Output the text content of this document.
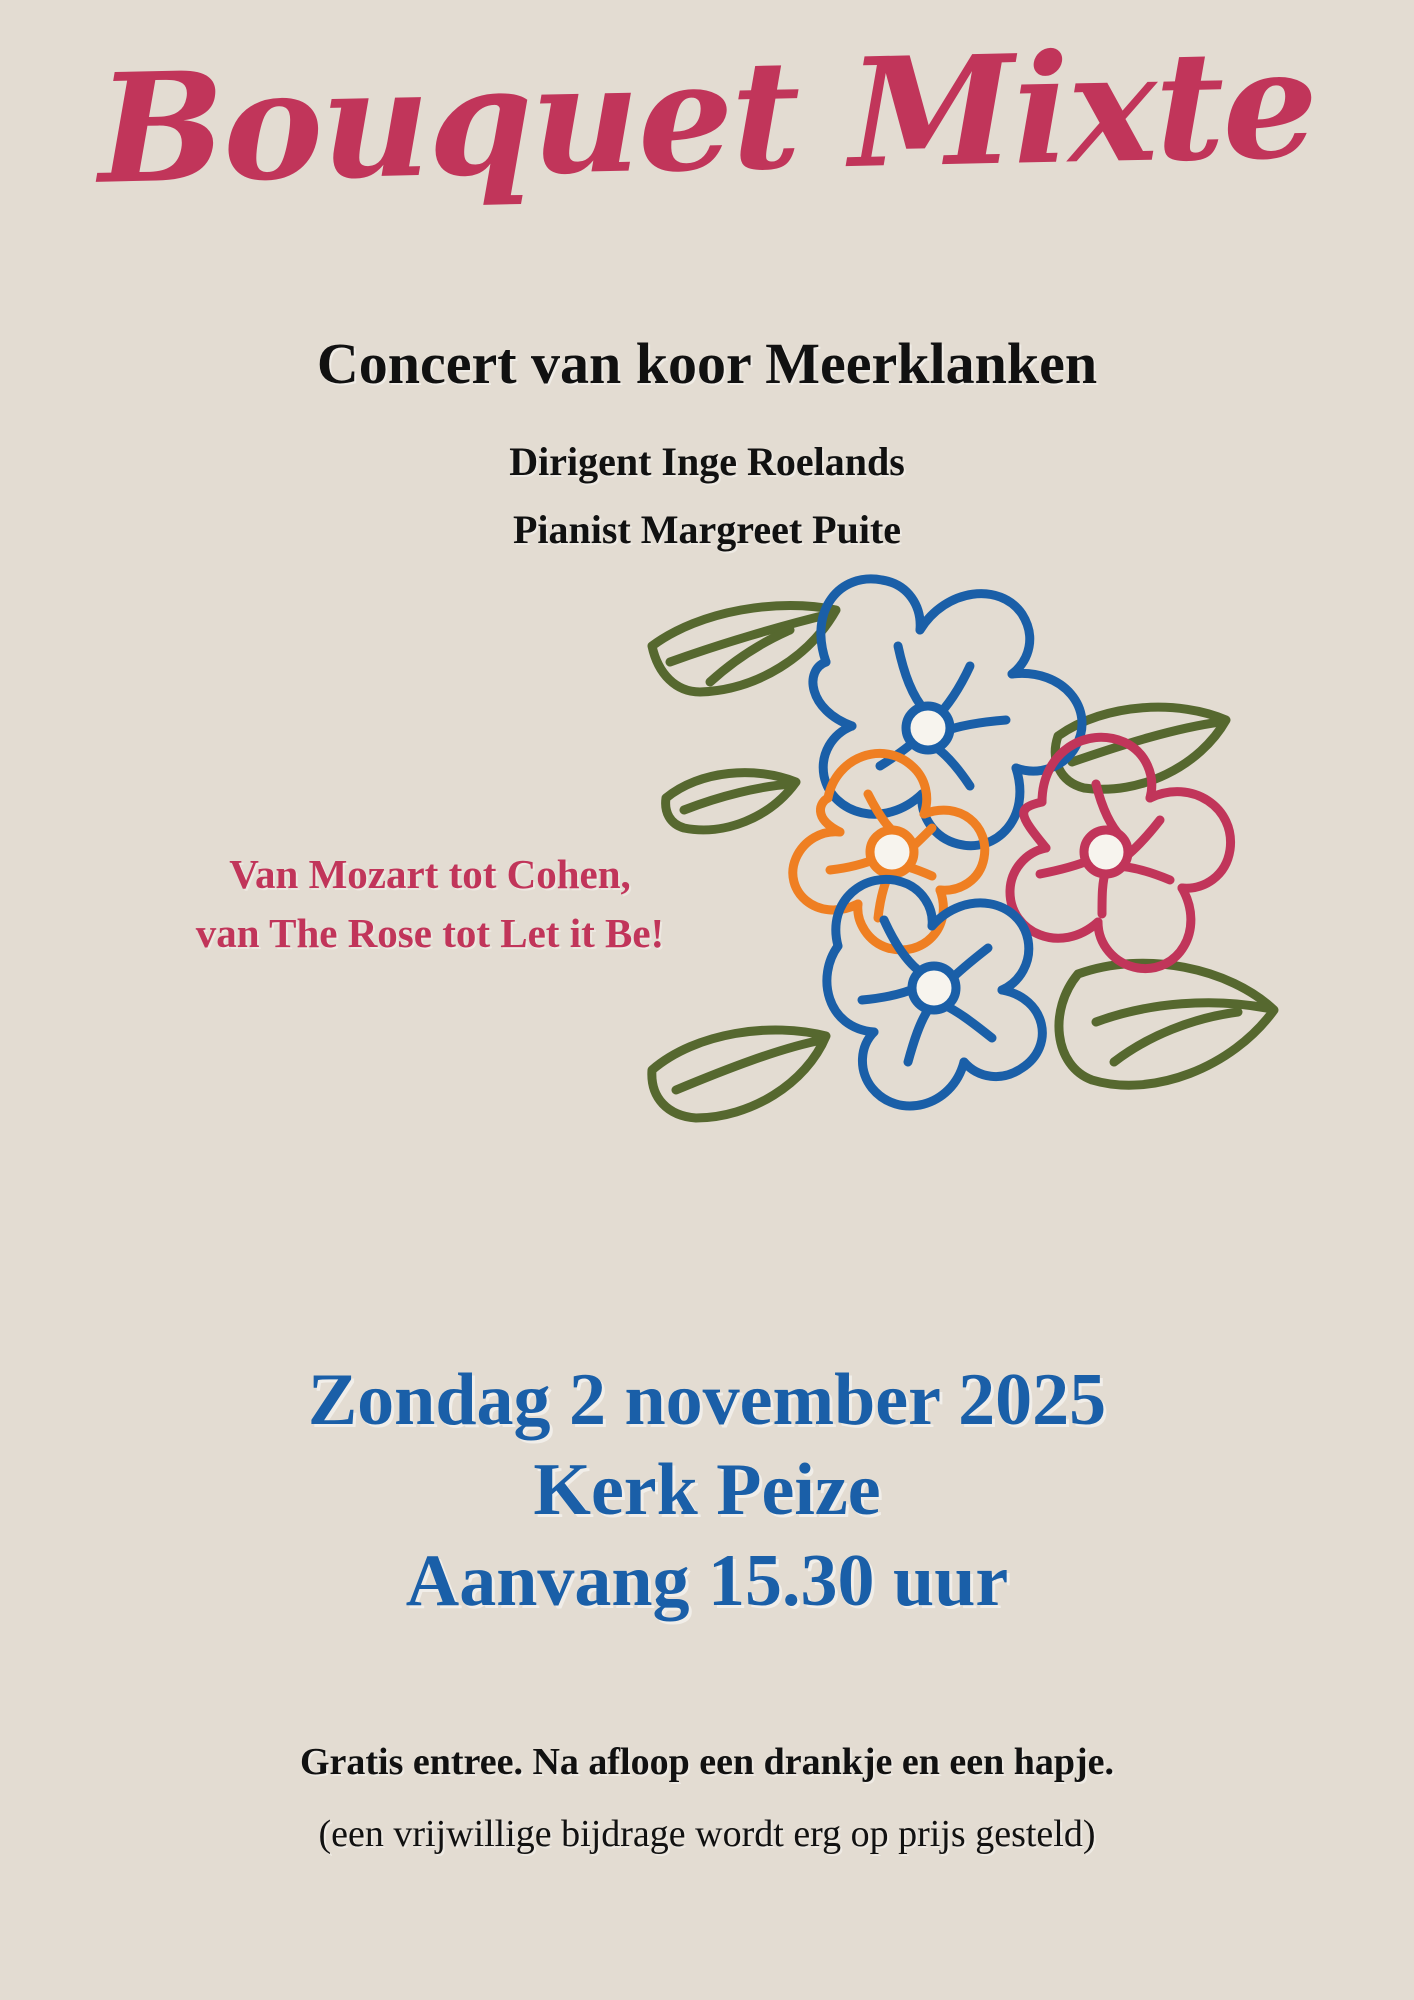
Bouquet Mixte
Concert van koor Meerklanken
Dirigent Inge Roelands
Pianist Margreet Puite
Van Mozart tot Cohen,
van The Rose tot Let it Be!
Zondag 2 november 2025
Kerk Peize
Aanvang 15.30 uur
Gratis entree. Na afloop een drankje en een hapje.
(een vrijwillige bijdrage wordt erg op prijs gesteld)
